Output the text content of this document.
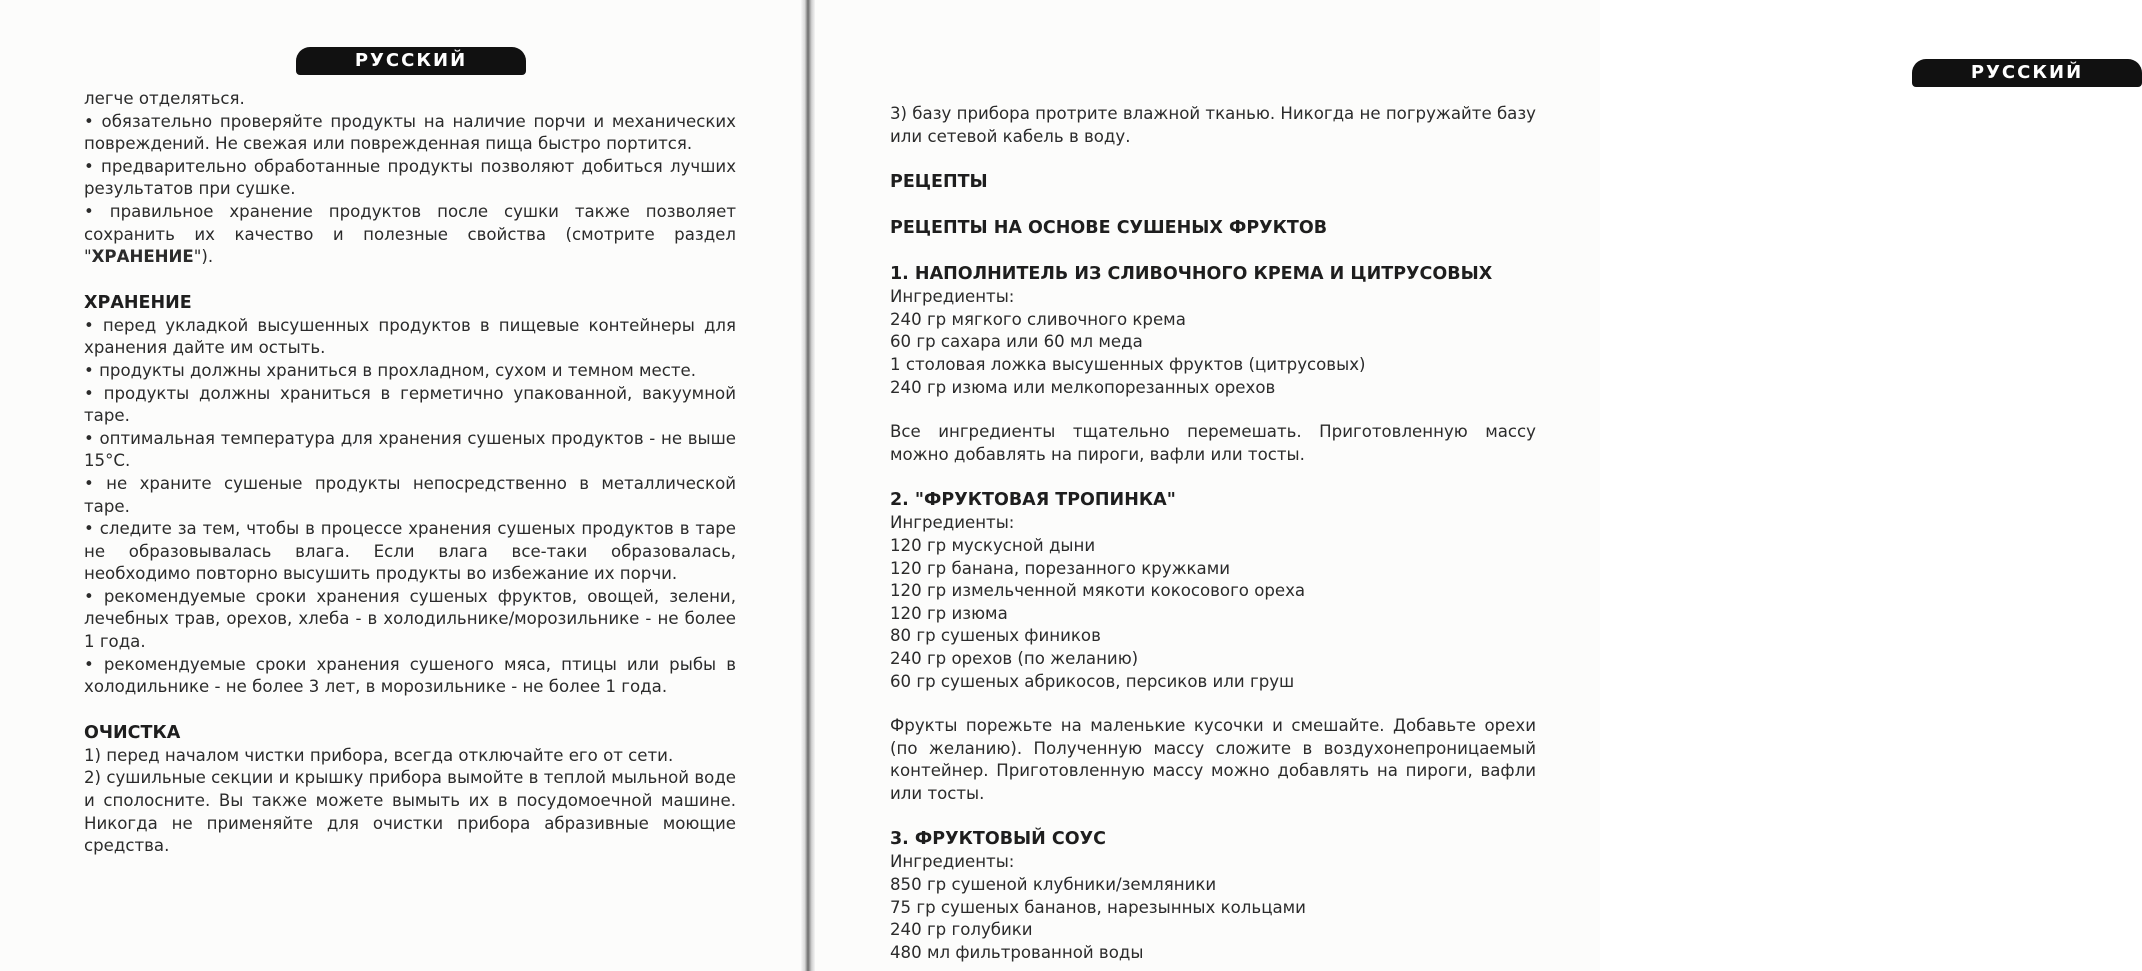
РУССКИЙ

легче отделяться.

• обязательно проверяйте продукты на наличие порчи и механических повреждений. Не свежая или поврежденная пища быстро портится.

• предварительно обработанные продукты позволяют добиться лучших результатов при сушке.

• правильное хранение продуктов после сушки также позволяет сохранить их качество и полезные свойства (смотрите раздел "ХРАНЕНИЕ").

ХРАНЕНИЕ

• перед укладкой высушенных продуктов в пищевые контейнеры для хранения дайте им остыть.

• продукты должны храниться в прохладном, сухом и темном месте.

• продукты должны храниться в герметично упакованной, вакуумной таре.

• оптимальная температура для хранения сушеных продуктов - не выше 15°С.

• не храните сушеные продукты непосредственно в металлической таре.

• следите за тем, чтобы в процессе хранения сушеных продуктов в таре не образовывалась влага. Если влага все-таки образовалась, необходимо повторно высушить продукты во избежание их порчи.

• рекомендуемые сроки хранения сушеных фруктов, овощей, зелени, лечебных трав, орехов, хлеба - в холодильнике/морозильнике - не более 1 года.

• рекомендуемые сроки хранения сушеного мяса, птицы или рыбы в холодильнике - не более 3 лет, в морозильнике - не более 1 года.

ОЧИСТКА

1) перед началом чистки прибора, всегда отключайте его от сети.

2) сушильные секции и крышку прибора вымойте в теплой мыльной воде и сполосните. Вы также можете вымыть их в посудомоечной машине. Никогда не применяйте для очистки прибора абразивные моющие средства.

РУССКИЙ

3) базу прибора протрите влажной тканью. Никогда не погружайте базу или сетевой кабель в воду.

РЕЦЕПТЫ
РЕЦЕПТЫ НА ОСНОВЕ СУШЕНЫХ ФРУКТОВ
1. НАПОЛНИТЕЛЬ ИЗ СЛИВОЧНОГО КРЕМА И ЦИТРУСОВЫХ

Ингредиенты:

240 гр мягкого сливочного крема
60 гр сахара или 60 мл меда
1 столовая ложка высушенных фруктов (цитрусовых)
240 гр изюма или мелкопорезанных орехов

Все ингредиенты тщательно перемешать. Приготовленную массу можно добавлять на пироги, вафли или тосты.

2. "ФРУКТОВАЯ ТРОПИНКА"

Ингредиенты:

120 гр мускусной дыни
120 гр банана, порезанного кружками
120 гр измельченной мякоти кокосового ореха
120 гр изюма
80 гр сушеных фиников
240 гр орехов (по желанию)
60 гр сушеных абрикосов, персиков или груш

Фрукты порежьте на маленькие кусочки и смешайте. Добавьте орехи (по желанию). Полученную массу сложите в воздухонепроницаемый контейнер. Приготовленную массу можно добавлять на пироги, вафли или тосты.

3. ФРУКТОВЫЙ СОУС

Ингредиенты:

850 гр сушеной клубники/земляники
75 гр сушеных бананов, нарезынных кольцами
240 гр голубики
480 мл фильтрованной воды
